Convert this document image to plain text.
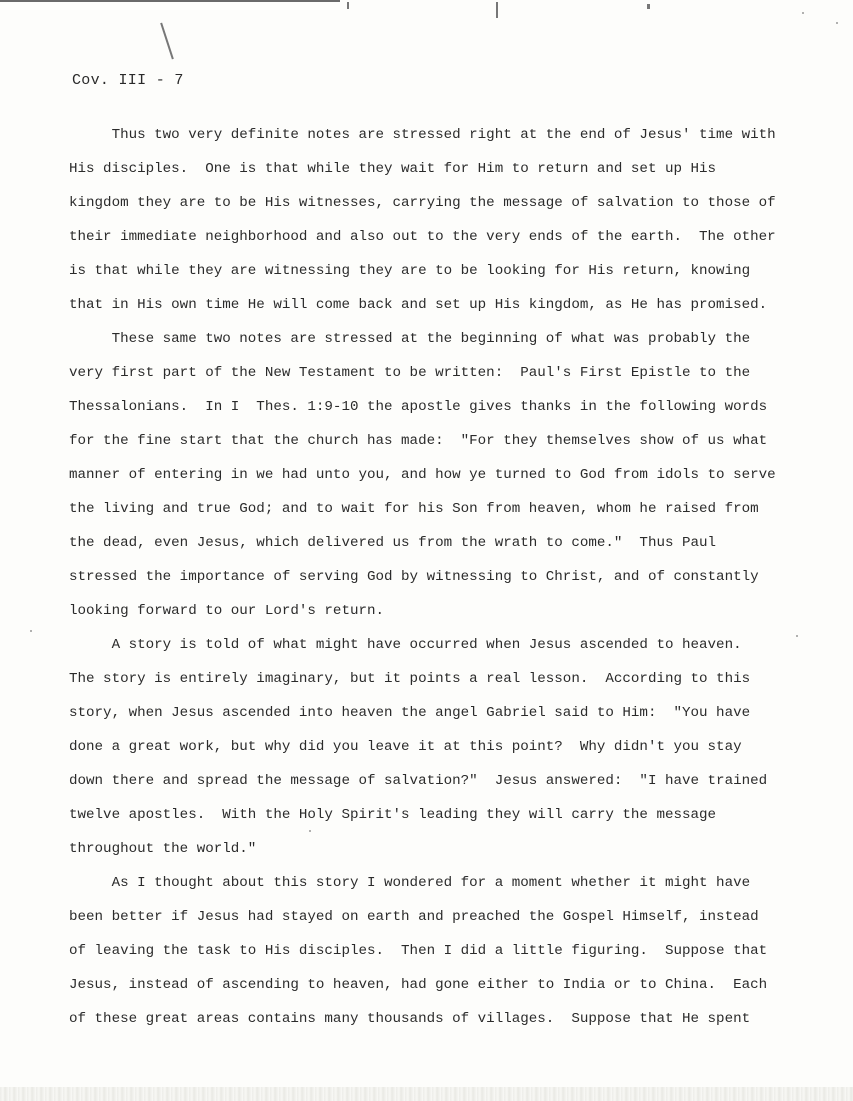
Cov. III - 7
Thus two very definite notes are stressed right at the end of Jesus' time with
His disciples.  One is that while they wait for Him to return and set up His
kingdom they are to be His witnesses, carrying the message of salvation to those of
their immediate neighborhood and also out to the very ends of the earth.  The other
is that while they are witnessing they are to be looking for His return, knowing
that in His own time He will come back and set up His kingdom, as He has promised.
These same two notes are stressed at the beginning of what was probably the
very first part of the New Testament to be written:  Paul's First Epistle to the
Thessalonians.  In I  Thes. 1:9-10 the apostle gives thanks in the following words
for the fine start that the church has made:  "For they themselves show of us what
manner of entering in we had unto you, and how ye turned to God from idols to serve
the living and true God; and to wait for his Son from heaven, whom he raised from
the dead, even Jesus, which delivered us from the wrath to come."  Thus Paul
stressed the importance of serving God by witnessing to Christ, and of constantly
looking forward to our Lord's return.
A story is told of what might have occurred when Jesus ascended to heaven.
The story is entirely imaginary, but it points a real lesson.  According to this
story, when Jesus ascended into heaven the angel Gabriel said to Him:  "You have
done a great work, but why did you leave it at this point?  Why didn't you stay
down there and spread the message of salvation?"  Jesus answered:  "I have trained
twelve apostles.  With the Holy Spirit's leading they will carry the message
throughout the world."
As I thought about this story I wondered for a moment whether it might have
been better if Jesus had stayed on earth and preached the Gospel Himself, instead
of leaving the task to His disciples.  Then I did a little figuring.  Suppose that
Jesus, instead of ascending to heaven, had gone either to India or to China.  Each
of these great areas contains many thousands of villages.  Suppose that He spent
